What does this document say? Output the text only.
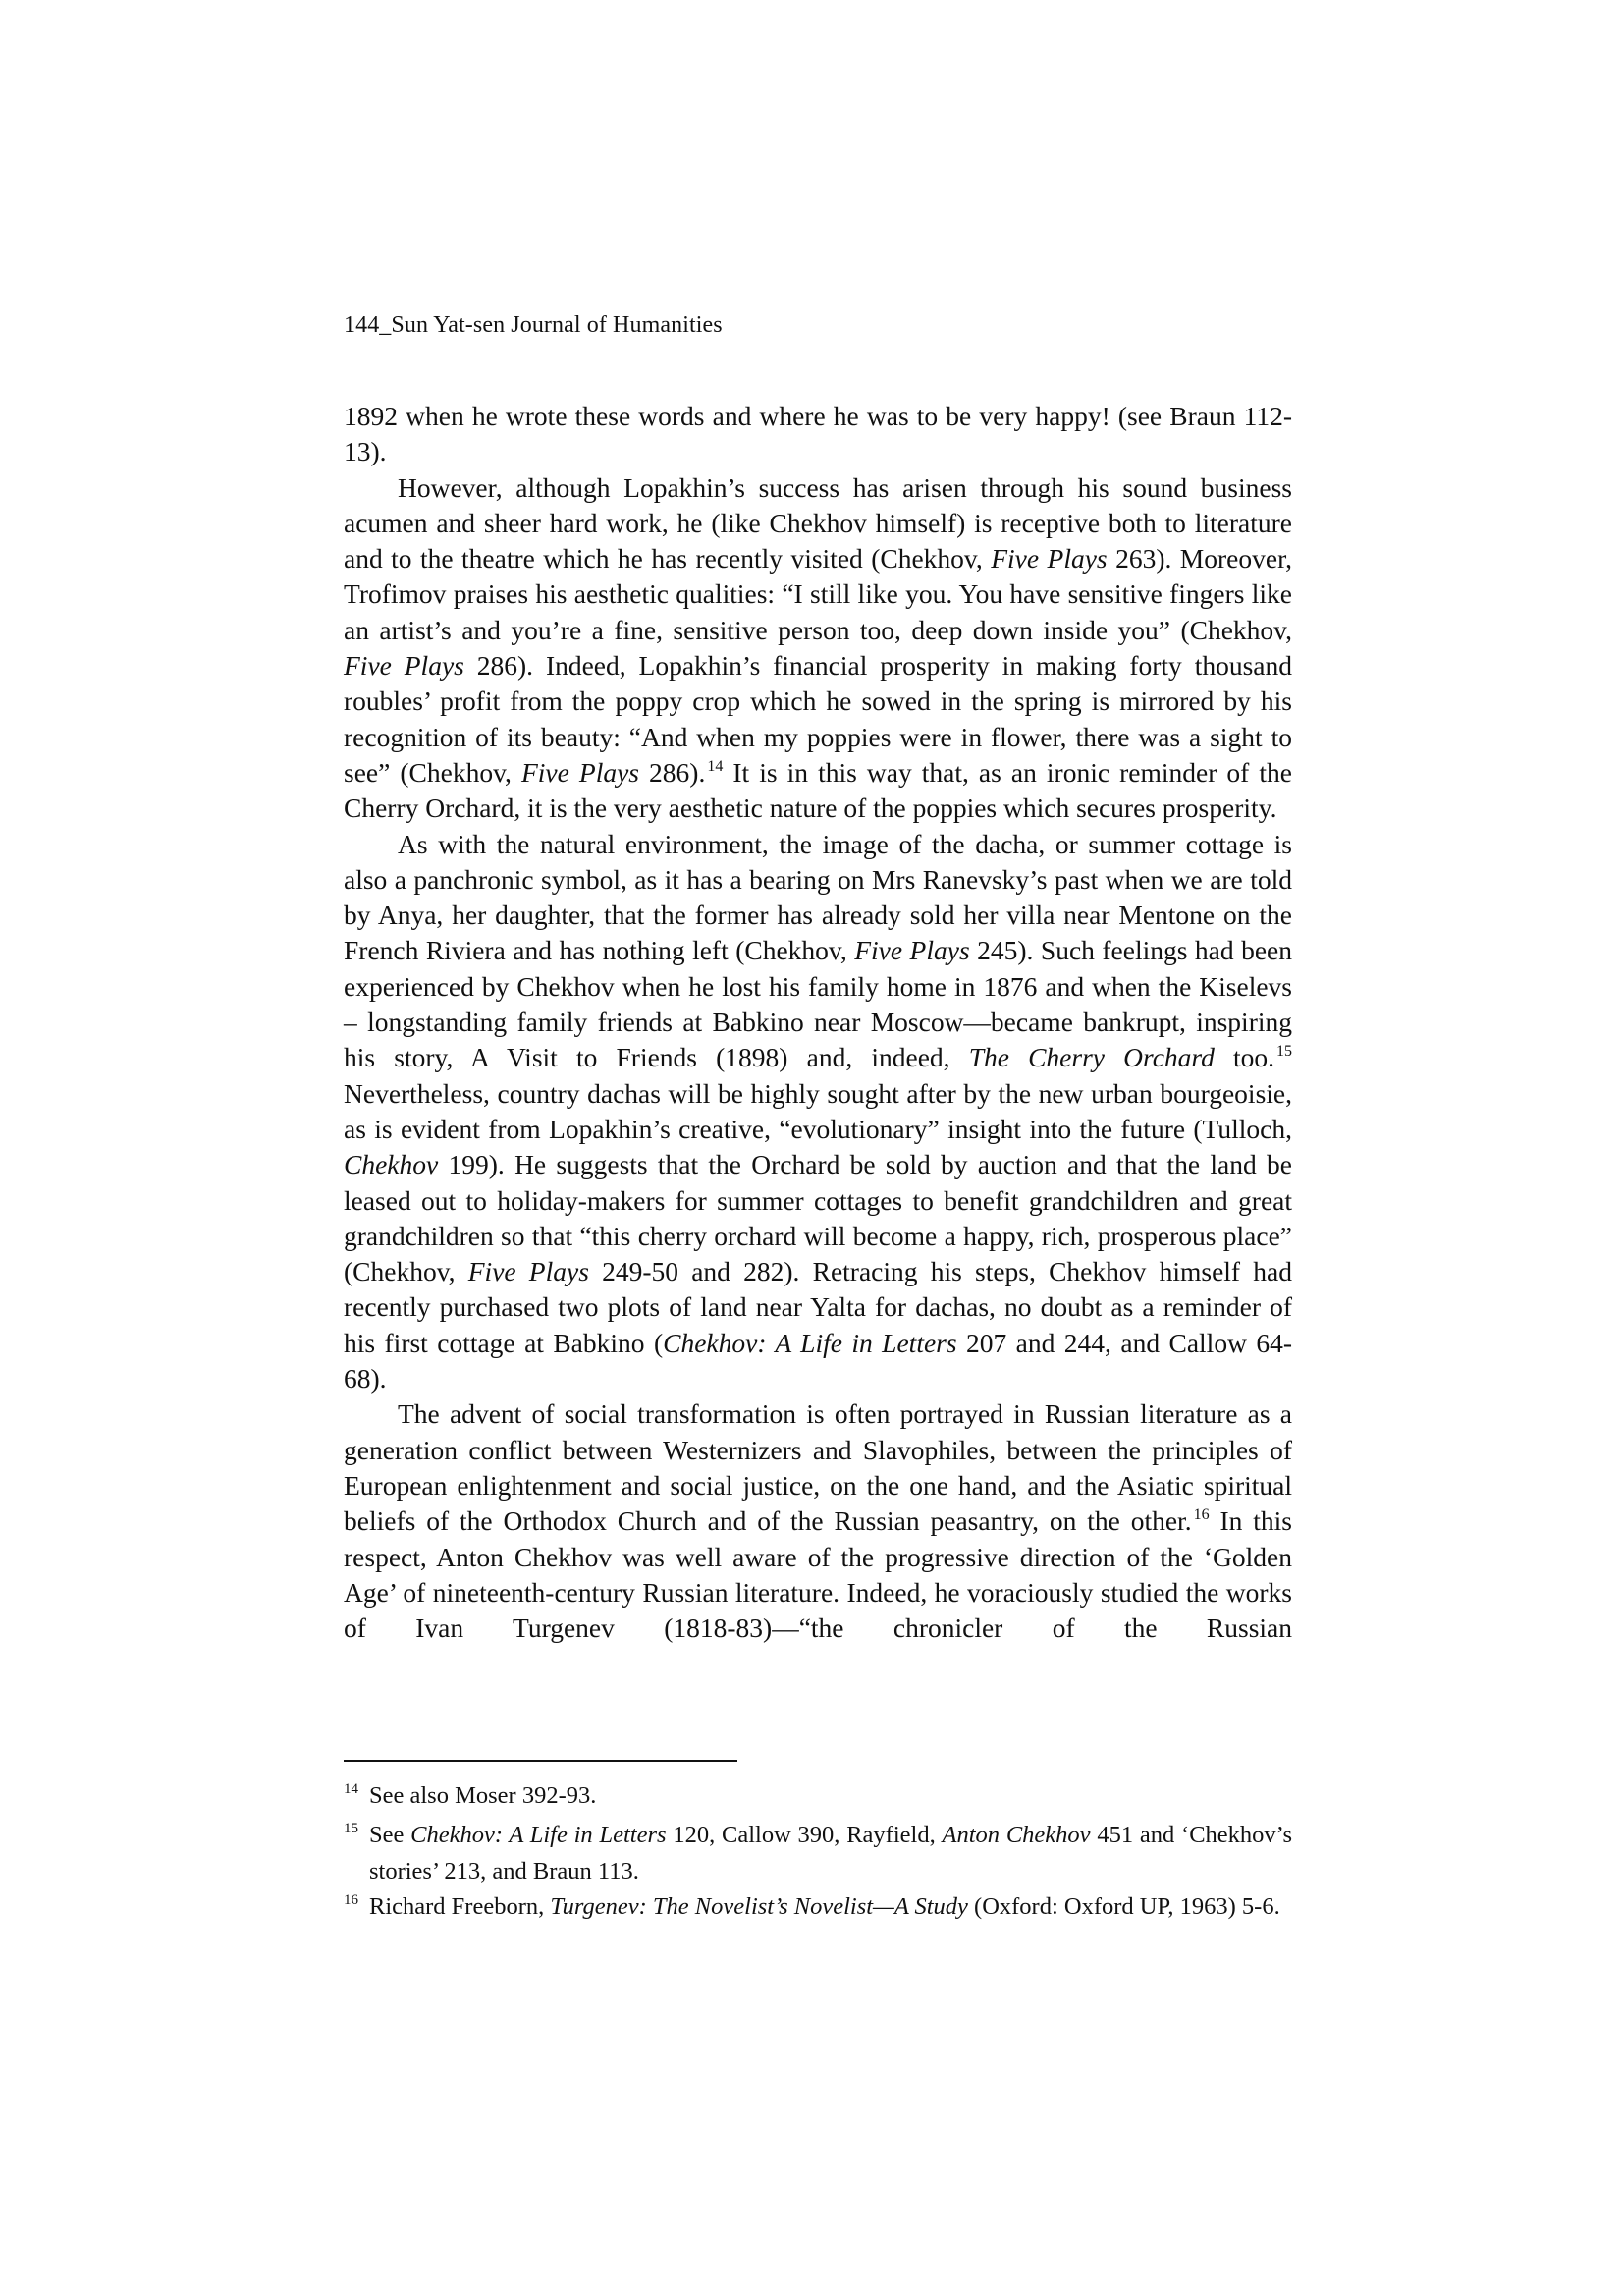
144_Sun Yat-sen Journal of Humanities

1892 when he wrote these words and where he was to be very happy! (see Braun 112-13).

However, although Lopakhin’s success has arisen through his sound business acumen and sheer hard work, he (like Chekhov himself) is receptive both to literature and to the theatre which he has recently visited (Chekhov, Five Plays 263). Moreover, Trofimov praises his aesthetic qualities: “I still like you. You have sensitive fingers like an artist’s and you’re a fine, sensitive person too, deep down inside you” (Chekhov, Five Plays 286). Indeed, Lopakhin’s financial prosperity in making forty thousand roubles’ profit from the poppy crop which he sowed in the spring is mirrored by his recognition of its beauty: “And when my poppies were in flower, there was a sight to see” (Chekhov, Five Plays 286). $^{14}$ It is in this way that, as an ironic reminder of the Cherry Orchard, it is the very aesthetic nature of the poppies which secures prosperity.

As with the natural environment, the image of the dacha, or summer cottage is also a panchronic symbol, as it has a bearing on Mrs Ranevsky’s past when we are told by Anya, her daughter, that the former has already sold her villa near Mentone on the French Riviera and has nothing left (Chekhov, Five Plays 245). Such feelings had been experienced by Chekhov when he lost his family home in 1876 and when the Kiselevs – longstanding family friends at Babkino near Moscow—became bankrupt, inspiring his story, A Visit to Friends (1898) and, indeed, The Cherry Orchard too. $^{15}$ Nevertheless, country dachas will be highly sought after by the new urban bourgeoisie, as is evident from Lopakhin’s creative, “evolutionary” insight into the future (Tulloch, Chekhov 199). He suggests that the Orchard be sold by auction and that the land be leased out to holiday-makers for summer cottages to benefit grandchildren and great grandchildren so that “this cherry orchard will become a happy, rich, prosperous place” (Chekhov, Five Plays 249-50 and 282). Retracing his steps, Chekhov himself had recently purchased two plots of land near Yalta for dachas, no doubt as a reminder of his first cottage at Babkino (Chekhov: A Life in Letters 207 and 244, and Callow 64-68).

The advent of social transformation is often portrayed in Russian literature as a generation conflict between Westernizers and Slavophiles, between the principles of European enlightenment and social justice, on the one hand, and the Asiatic spiritual beliefs of the Orthodox Church and of the Russian peasantry, on the other. $^{16}$ In this respect, Anton Chekhov was well aware of the progressive direction of the ‘Golden Age’ of nineteenth-century Russian literature. Indeed, he voraciously studied the works of Ivan Turgenev (1818-83)—“the chronicler of the Russian

14 See also Moser 392-93.

15 See Chekhov: A Life in Letters 120, Callow 390, Rayfield, Anton Chekhov 451 and ‘Chekhov’s stories’ 213, and Braun 113.

16 Richard Freeborn, Turgenev: The Novelist’s Novelist—A Study (Oxford: Oxford UP, 1963) 5-6.
